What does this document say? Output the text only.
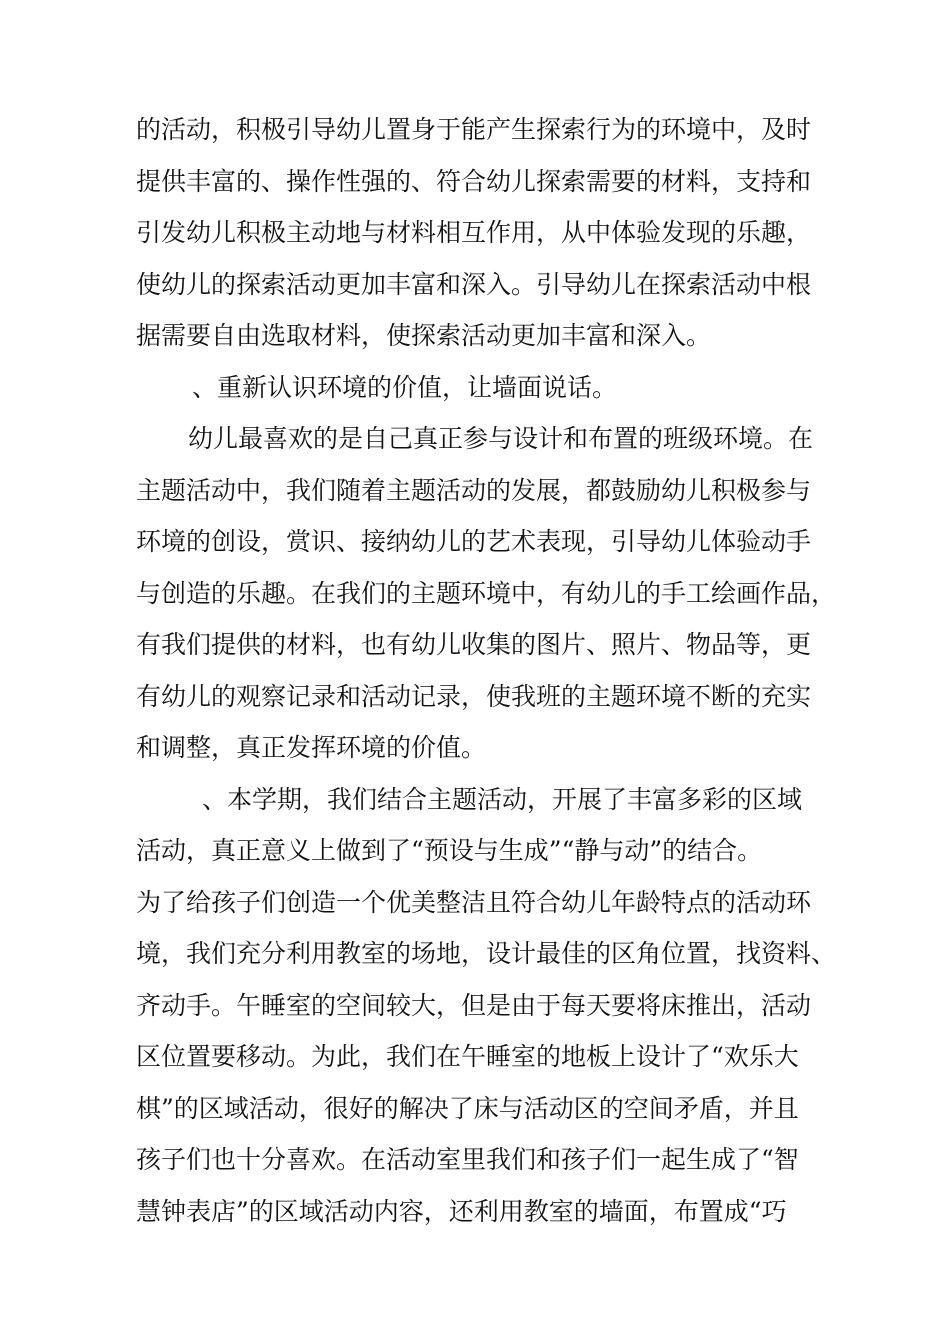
的活动，积极引导幼儿置身于能产生探索行为的环境中，及时
提供丰富的、操作性强的、符合幼儿探索需要的材料，支持和
引发幼儿积极主动地与材料相互作用，从中体验发现的乐趣，
使幼儿的探索活动更加丰富和深入。引导幼儿在探索活动中根
据需要自由选取材料，使探索活动更加丰富和深入。
、重新认识环境的价值，让墙面说话。
幼儿最喜欢的是自己真正参与设计和布置的班级环境。在
主题活动中，我们随着主题活动的发展，都鼓励幼儿积极参与
环境的创设，赏识、接纳幼儿的艺术表现，引导幼儿体验动手
与创造的乐趣。在我们的主题环境中，有幼儿的手工绘画作品，
有我们提供的材料，也有幼儿收集的图片、照片、物品等，更
有幼儿的观察记录和活动记录，使我班的主题环境不断的充实
和调整，真正发挥环境的价值。
、本学期，我们结合主题活动，开展了丰富多彩的区域
活动，真正意义上做到了“预设与生成”“静与动”的结合。
为了给孩子们创造一个优美整洁且符合幼儿年龄特点的活动环
境，我们充分利用教室的场地，设计最佳的区角位置，找资料、
齐动手。午睡室的空间较大，但是由于每天要将床推出，活动
区位置要移动。为此，我们在午睡室的地板上设计了“欢乐大
棋”的区域活动，很好的解决了床与活动区的空间矛盾，并且
孩子们也十分喜欢。在活动室里我们和孩子们一起生成了“智
慧钟表店”的区域活动内容，还利用教室的墙面，布置成“巧
